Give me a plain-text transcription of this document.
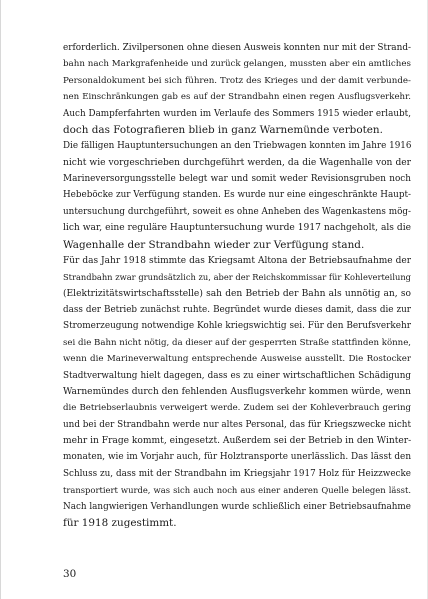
erforderlich. Zivilpersonen ohne diesen Ausweis konnten nur mit der Strand-
bahn nach Markgrafenheide und zurück gelangen, mussten aber ein amtliches
Personaldokument bei sich führen. Trotz des Krieges und der damit verbunde-
nen Einschränkungen gab es auf der Strandbahn einen regen Ausflugsverkehr.
Auch Dampferfahrten wurden im Verlaufe des Sommers 1915 wieder erlaubt,
doch das Fotografieren blieb in ganz Warnemünde verboten.
Die fälligen Hauptuntersuchungen an den Triebwagen konnten im Jahre 1916
nicht wie vorgeschrieben durchgeführt werden, da die Wagenhalle von der
Marineversorgungsstelle belegt war und somit weder Revisionsgruben noch
Hebeböcke zur Verfügung standen. Es wurde nur eine eingeschränkte Haupt-
untersuchung durchgeführt, soweit es ohne Anheben des Wagenkastens mög-
lich war, eine reguläre Hauptuntersuchung wurde 1917 nachgeholt, als die
Wagenhalle der Strandbahn wieder zur Verfügung stand.
Für das Jahr 1918 stimmte das Kriegsamt Altona der Betriebsaufnahme der
Strandbahn zwar grundsätzlich zu, aber der Reichskommissar für Kohleverteilung
(Elektrizitätswirtschaftsstelle) sah den Betrieb der Bahn als unnötig an, so
dass der Betrieb zunächst ruhte. Begründet wurde dieses damit, dass die zur
Stromerzeugung notwendige Kohle kriegswichtig sei. Für den Berufsverkehr
sei die Bahn nicht nötig, da dieser auf der gesperrten Straße stattfinden könne,
wenn die Marineverwaltung entsprechende Ausweise ausstellt. Die Rostocker
Stadtverwaltung hielt dagegen, dass es zu einer wirtschaftlichen Schädigung
Warnemündes durch den fehlenden Ausflugsverkehr kommen würde, wenn
die Betriebserlaubnis verweigert werde. Zudem sei der Kohleverbrauch gering
und bei der Strandbahn werde nur altes Personal, das für Kriegszwecke nicht
mehr in Frage kommt, eingesetzt. Außerdem sei der Betrieb in den Winter-
monaten, wie im Vorjahr auch, für Holztransporte unerlässlich. Das lässt den
Schluss zu, dass mit der Strandbahn im Kriegsjahr 1917 Holz für Heizzwecke
transportiert wurde, was sich auch noch aus einer anderen Quelle belegen lässt.
Nach langwierigen Verhandlungen wurde schließlich einer Betriebsaufnahme
für 1918 zugestimmt.
30
